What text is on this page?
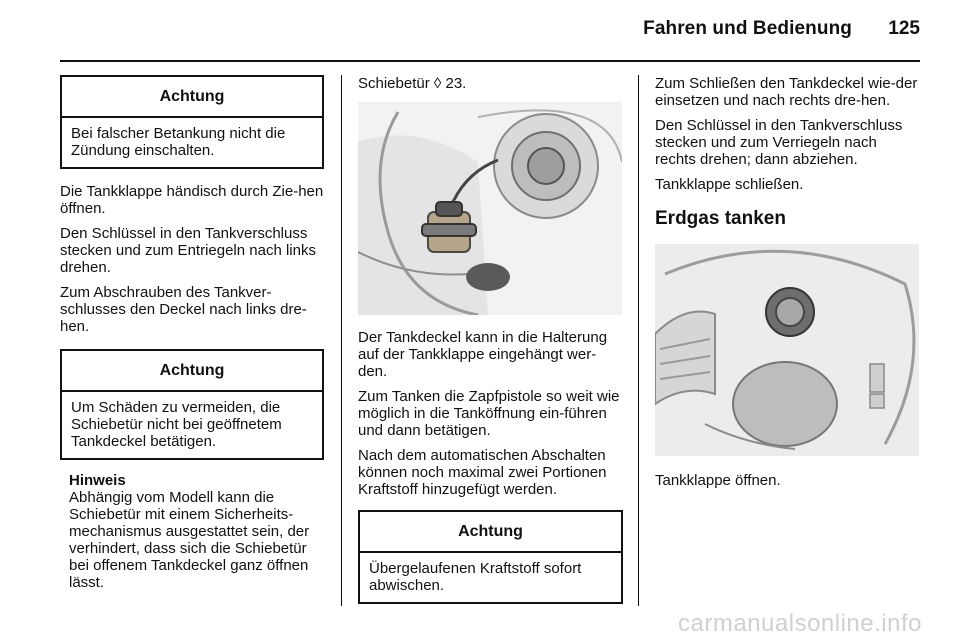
Fahren und Bedienung 125
Achtung
Bei falscher Betankung nicht die Zündung einschalten.

Die Tankklappe händisch durch Zie-hen öffnen.

Den Schlüssel in den Tankverschluss stecken und zum Entriegeln nach links drehen.

Zum Abschrauben des Tankver-schlusses den Deckel nach links dre-hen.

Achtung
Um Schäden zu vermeiden, die Schiebetür nicht bei geöffnetem Tankdeckel betätigen.
Hinweis
Abhängig vom Modell kann die Schiebetür mit einem Sicherheits-mechanismus ausgestattet sein, der verhindert, dass sich die Schiebetür bei offenem Tankdeckel ganz öffnen lässt.

Schiebetür ◊ 23.

Der Tankdeckel kann in die Halterung auf der Tankklappe eingehängt wer-den.

Zum Tanken die Zapfpistole so weit wie möglich in die Tanköffnung ein-führen und dann betätigen.

Nach dem automatischen Abschalten können noch maximal zwei Portionen Kraftstoff hinzugefügt werden.

Achtung
Übergelaufenen Kraftstoff sofort abwischen.

Zum Schließen den Tankdeckel wie-der einsetzen und nach rechts dre-hen.

Den Schlüssel in den Tankverschluss stecken und zum Verriegeln nach rechts drehen; dann abziehen.

Tankklappe schließen.

Erdgas tanken

Tankklappe öffnen.

carmanualsonline.info
